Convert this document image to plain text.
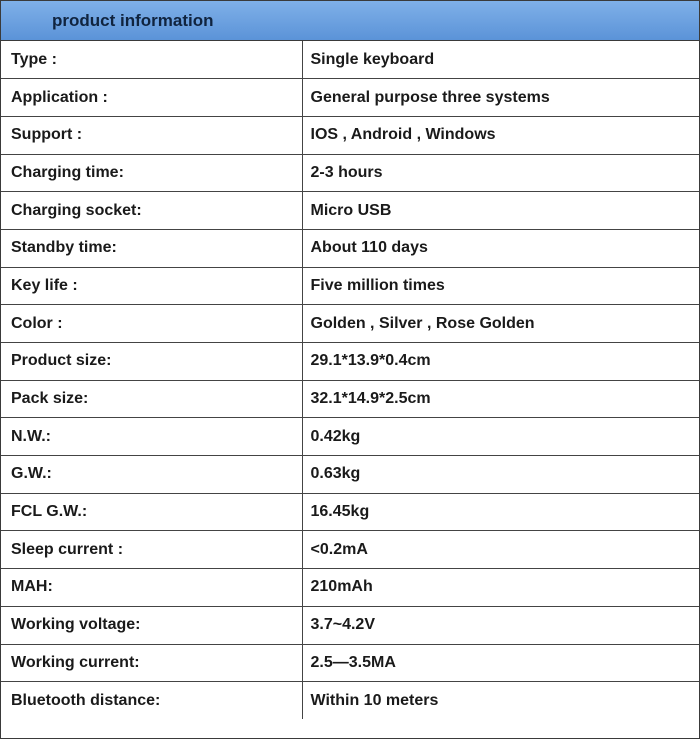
product information
Type :	Single keyboard
Application :	General purpose three systems
Support :	IOS , Android , Windows
Charging time:	2-3 hours
Charging socket:	Micro USB
Standby time:	About 110 days
Key life :	Five million times
Color :	Golden , Silver , Rose Golden
Product size:	29.1*13.9*0.4cm
Pack size:	32.1*14.9*2.5cm
N.W.:	0.42kg
G.W.:	0.63kg
FCL G.W.:	16.45kg
Sleep current :	<0.2mA
MAH:	210mAh
Working voltage:	3.7~4.2V
Working current:	2.5—3.5MA
Bluetooth distance:	Within 10 meters
